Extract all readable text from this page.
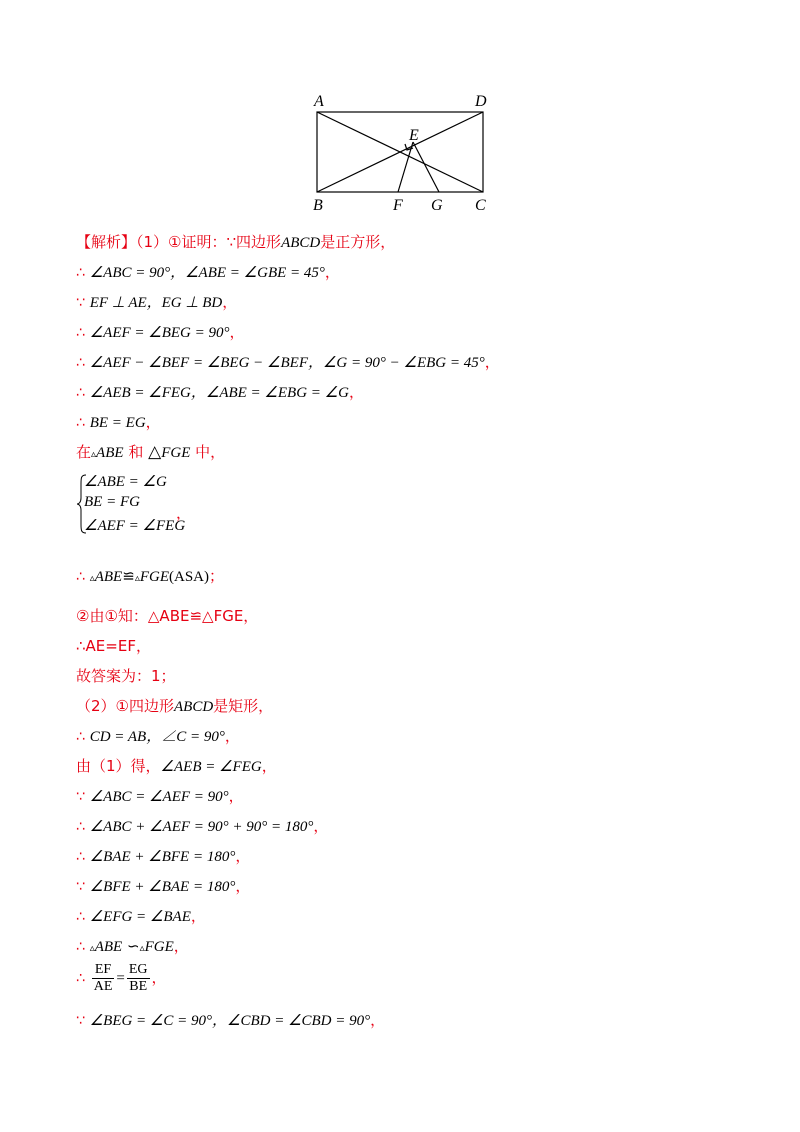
A	D
E
B	F G C
【解析】（1）①证明：∵四边形ABCD是正方形，
∴ ∠ABC = 90°，∠ABE = ∠GBE = 45°，
∵ EF ⊥ AE，EG ⊥ BD，
∴ ∠AEF = ∠BEG = 90°，
∴ ∠AEF − ∠BEF = ∠BEG − ∠BEF，∠G = 90° − ∠EBG = 45°，
∴ ∠AEB = ∠FEG，∠ABE = ∠EBG = ∠G，
∴ BE = EG，
在▵ABE 和 △FGE 中，
∠ABE = ∠G
BE = FG
∠AEF = ∠FEG
，
∴ ▵ABE≌▵FGE(ASA)；
②由①知：△ABE≌△FGE，
∴AE=EF，
故答案为：1；
（2）①四边形ABCD是矩形，
∴ CD = AB，∠C = 90°，
由（1）得，∠AEB = ∠FEG，
∵ ∠ABC = ∠AEF = 90°，
∴ ∠ABC + ∠AEF = 90° + 90° = 180°，
∴ ∠BAE + ∠BFE = 180°，
∵ ∠BFE + ∠BAE = 180°，
∴ ∠EFG = ∠BAE，
∴ ▵ABE ∽▵FGE，
∴ $\frac{EF}{AE} = \frac{EG}{BE}$ ，
∵ ∠BEG = ∠C = 90°，∠CBD = ∠CBD = 90°，
